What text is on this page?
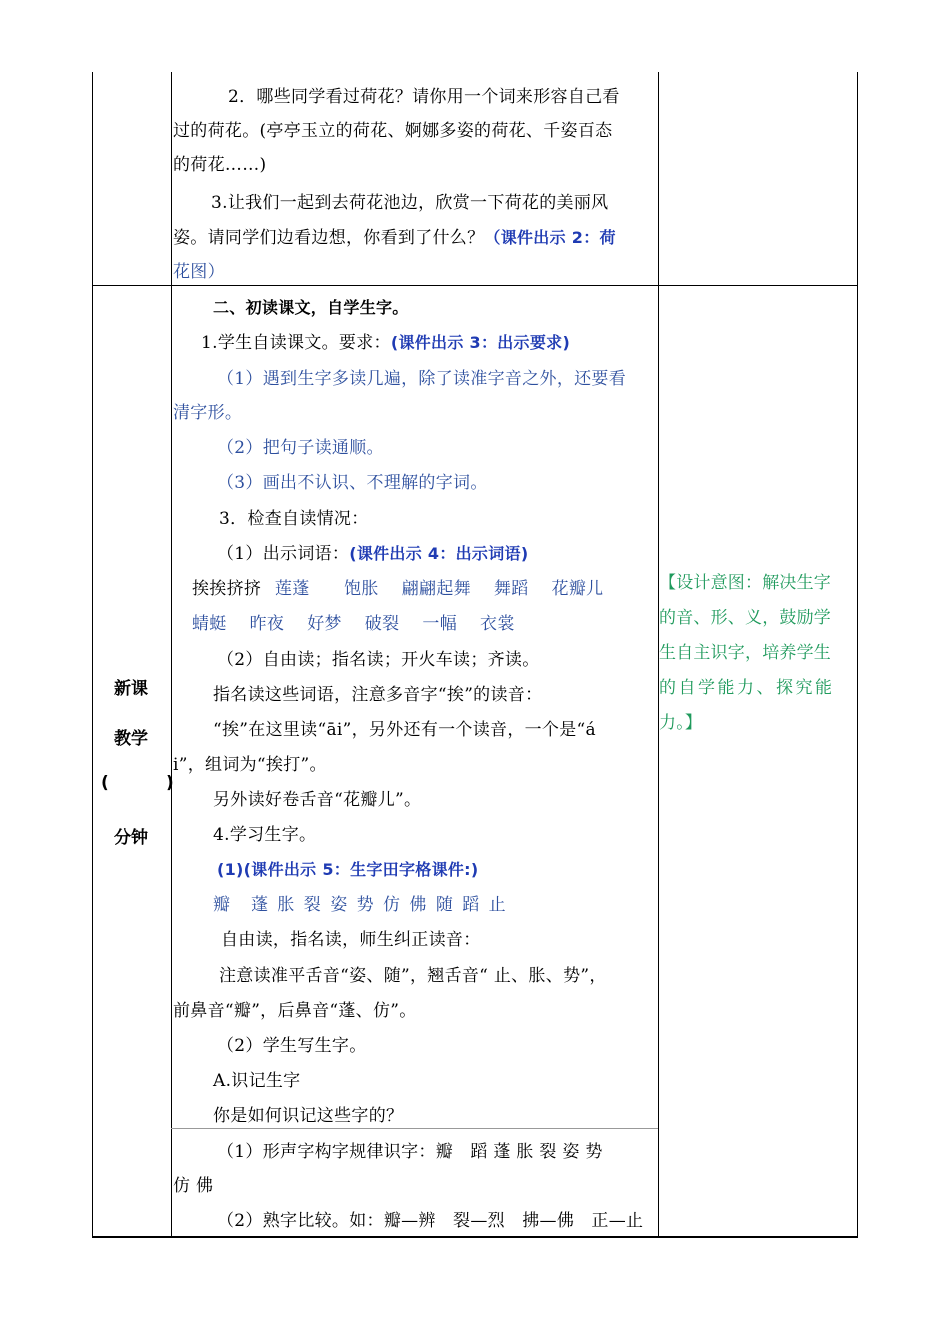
2．哪些同学看过荷花？请你用一个词来形容自己看
过的荷花。(亭亭玉立的荷花、婀娜多姿的荷花、千姿百态
的荷花……)
3.让我们一起到去荷花池边，欣赏一下荷花的美丽风
姿。请同学们边看边想，你看到了什么？（课件出示 2：荷
花图）
新课
教学
(	)
分钟
二、初读课文，自学生字。
1.学生自读课文。要求：(课件出示 3：出示要求)
（1）遇到生字多读几遍，除了读准字音之外，还要看
清字形。
（2）把句子读通顺。
（3）画出不认识、不理解的字词。
3．检查自读情况：
（1）出示词语：(课件出示 4：出示词语)
挨挨挤挤 莲蓬　　饱胀　 翩翩起舞　 舞蹈　 花瓣儿
蜻蜓　 昨夜　 好梦　 破裂　 一幅　 衣裳
（2）自由读；指名读；开火车读；齐读。
指名读这些词语，注意多音字“挨”的读音：
“挨”在这里读“āi”，另外还有一个读音，一个是“á
i”，组词为“挨打”。
另外读好卷舌音“花瓣儿”。
4.学习生字。
(1)(课件出示 5：生字田字格课件:)
瓣　蓬 胀 裂 姿 势 仿 佛 随 蹈 止
自由读，指名读，师生纠正读音：
注意读准平舌音“姿、随”，翘舌音“ 止、胀、势”，
前鼻音“瓣”，后鼻音“蓬、仿”。
（2）学生写生字。
A.识记生字
你是如何识记这些字的？
（1）形声字构字规律识字：瓣　蹈 蓬 胀 裂 姿 势
仿 佛
（2）熟字比较。如：瓣—辨　裂—烈　拂—佛　正—止
【设计意图：解决生字
的音、形、义，鼓励学
生自主识字，培养学生
的自学能力、探究能
力。】
